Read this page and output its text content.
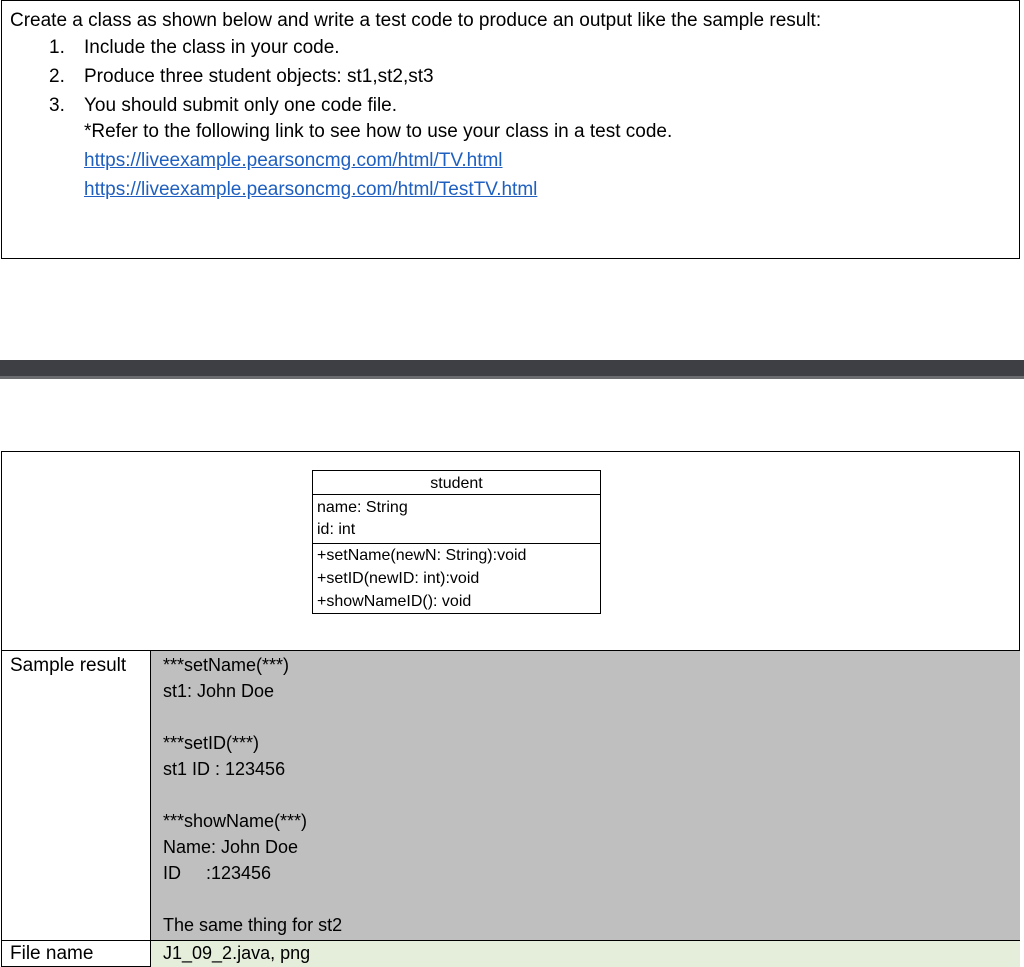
Create a class as shown below and write a test code to produce an output like the sample result:

1. Include the class in your code.
2. Produce three student objects: st1,st2,st3
3. You should submit only one code file.

*Refer to the following link to see how to use your class in a test code.

https://liveexample.pearsoncmg.com/html/TV.html
https://liveexample.pearsoncmg.com/html/TestTV.html
student
name: String
id: int
+setName(newN: String):void
+setID(newID: int):void
+showNameID(): void

Sample result

File name

***setName(***)
st1: John Doe
***setID(***)
st1 ID : 123456
***showName(***)
Name: John Doe
ID     :123456
The same thing for st2

J1_09_2.java, png
